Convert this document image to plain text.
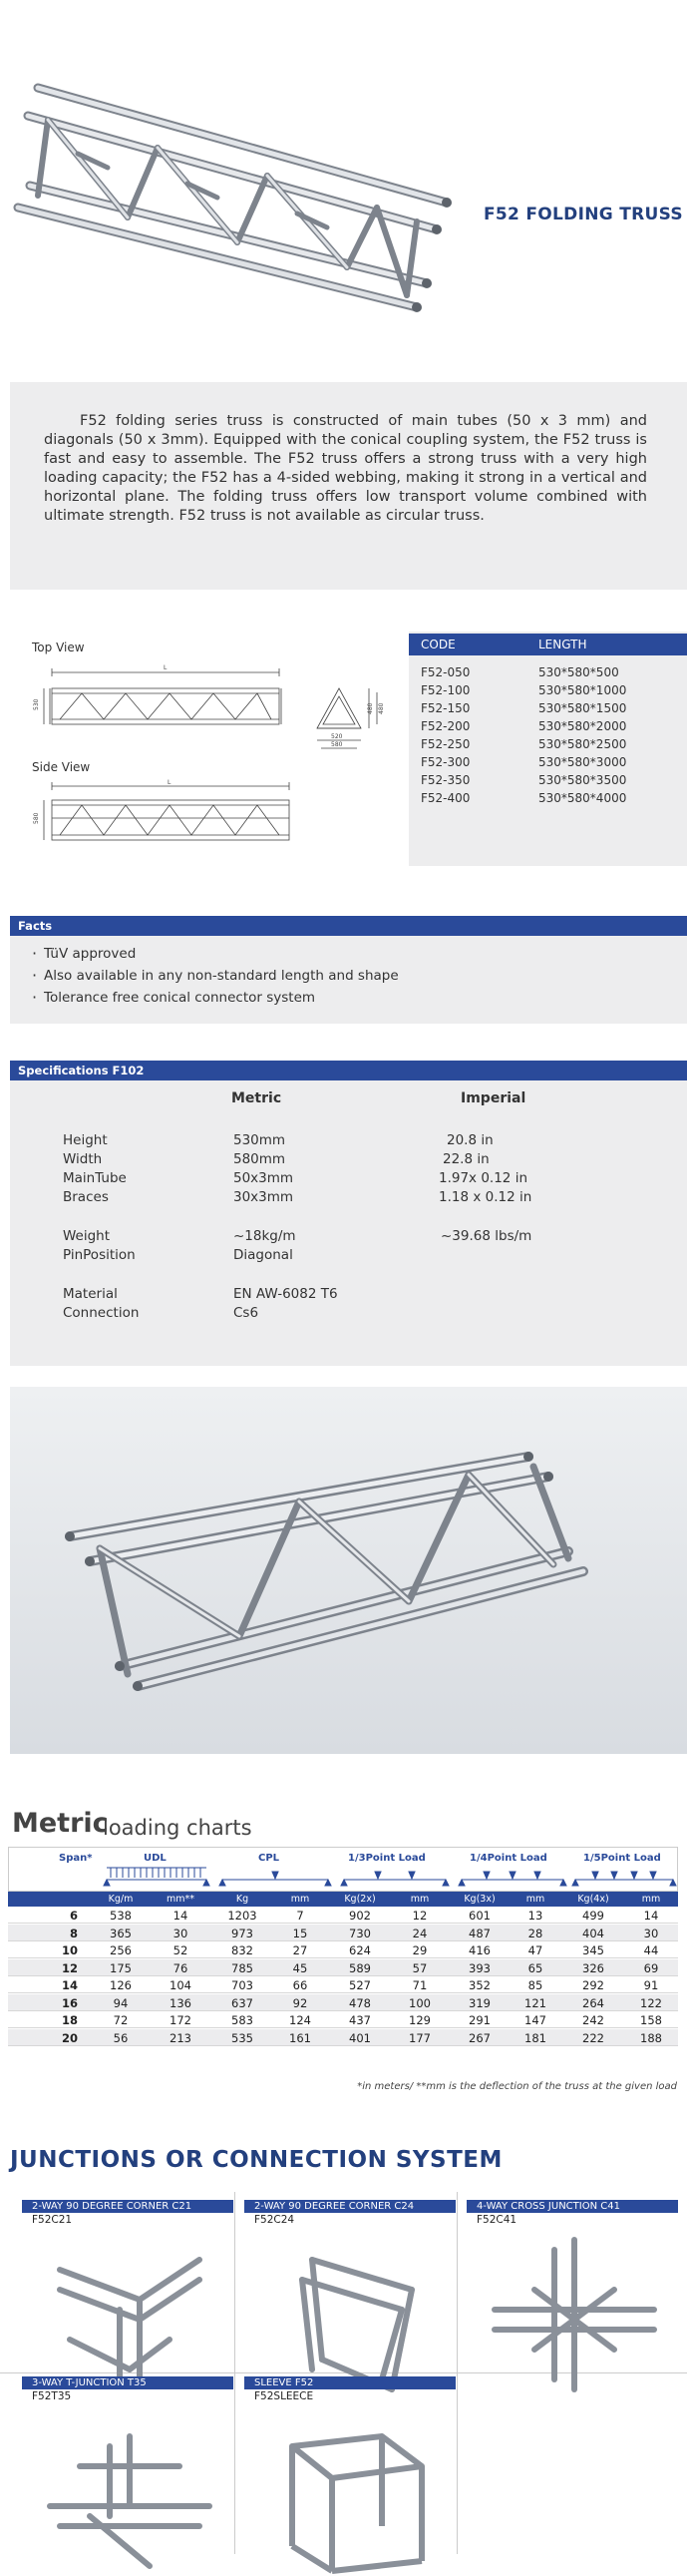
F52 FOLDING TRUSS

F52 folding series truss is constructed of main tubes (50 x 3 mm) and diagonals (50 x 3mm). Equipped with the conical coupling system, the F52 truss is fast and easy to assemble. The F52 truss offers a strong truss with a very high loading capacity; the F52 has a 4-sided webbing, making it strong in a vertical and horizontal plane. The folding truss offers low transport volume combined with ultimate strength. F52 truss is not available as circular truss.

Top View
L
530
520
580
480 480
Side View
L
580
CODE	LENGTH
F52-050	530*580*500
F52-100	530*580*1000
F52-150	530*580*1500
F52-200	530*580*2000
F52-250	530*580*2500
F52-300	530*580*3000
F52-350	530*580*3500
F52-400	530*580*4000
Facts
· TüV approved
· Also available in any non-standard length and shape
· Tolerance free conical connector system
Specifications F102
Metric	Imperial
Height	530mm	20.8 in
Width	580mm	22.8 in
MainTube	50x3mm	1.97x 0.12 in
Braces	30x3mm	1.18 x 0.12 in
Weight	~18kg/m	~39.68 lbs/m
PinPosition	Diagonal
Material	EN AW-6082 T6
Connection	Cs6
Metric
loading charts
Span*	UDL	CPL	1/3Point Load	1/4Point Load	1/5Point Load
Kg/m	mm**	Kg	mm	Kg(2x)	mm	Kg(3x)	mm	Kg(4x)	mm
6	538	14	1203	7	902	12	601	13	499	14
8	365	30	973	15	730	24	487	28	404	30
10	256	52	832	27	624	29	416	47	345	44
12	175	76	785	45	589	57	393	65	326	69
14	126	104	703	66	527	71	352	85	292	91
16	94	136	637	92	478	100	319	121	264	122
18	72	172	583	124	437	129	291	147	242	158
20	56	213	535	161	401	177	267	181	222	188
*in meters/ **mm is the deflection of the truss at the given load
JUNCTIONS OR CONNECTION SYSTEM
2-WAY 90 DEGREE CORNER C21
F52C21
2-WAY 90 DEGREE CORNER C24
F52C24
4-WAY CROSS JUNCTION C41
F52C41
3-WAY T-JUNCTION T35
F52T35
SLEEVE F52
F52SLEECE
